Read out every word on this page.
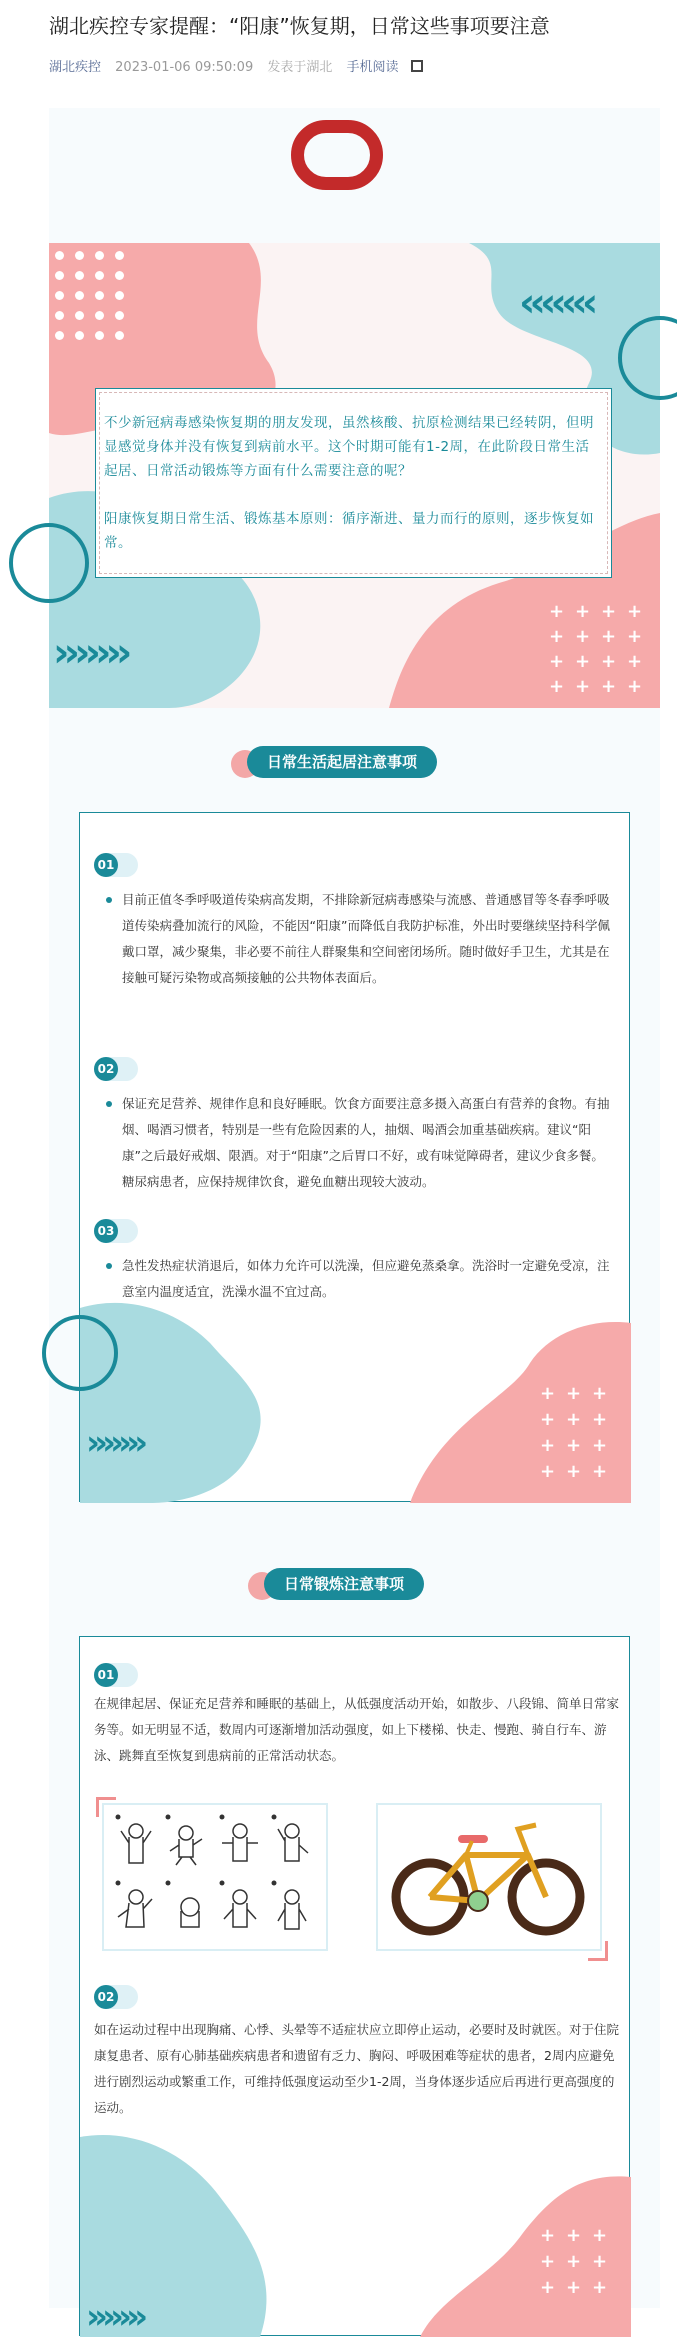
湖北疾控专家提醒：“阳康”恢复期，日常这些事项要注意
湖北疾控 2023-01-06 09:50:09 发表于湖北 手机阅读
‹‹‹‹‹‹‹
›››››››
+ + + +
+ + + +
+ + + +
+ + + +

不少新冠病毒感染恢复期的朋友发现，虽然核酸、抗原检测结果已经转阴，但明显感觉身体并没有恢复到病前水平。这个时期可能有1-2周，在此阶段日常生活起居、日常活动锻炼等方面有什么需要注意的呢？

阳康恢复期日常生活、锻炼基本原则：循序渐进、量力而行的原则，逐步恢复如常。

日常生活起居注意事项
›››››››
+ + +
+ + +
+ + +
+ + +
01
目前正值冬季呼吸道传染病高发期，不排除新冠病毒感染与流感、普通感冒等冬春季呼吸道传染病叠加流行的风险，不能因“阳康”而降低自我防护标准，外出时要继续坚持科学佩戴口罩，减少聚集，非必要不前往人群聚集和空间密闭场所。随时做好手卫生，尤其是在接触可疑污染物或高频接触的公共物体表面后。
02
保证充足营养、规律作息和良好睡眠。饮食方面要注意多摄入高蛋白有营养的食物。有抽烟、喝酒习惯者，特别是一些有危险因素的人，抽烟、喝酒会加重基础疾病。建议“阳康”之后最好戒烟、限酒。对于“阳康”之后胃口不好，或有味觉障碍者，建议少食多餐。糖尿病患者，应保持规律饮食，避免血糖出现较大波动。
03
急性发热症状消退后，如体力允许可以洗澡，但应避免蒸桑拿。洗浴时一定避免受凉，注意室内温度适宜，洗澡水温不宜过高。
日常锻炼注意事项
›››››››
+ + +
+ + +
+ + +
01
在规律起居、保证充足营养和睡眠的基础上，从低强度活动开始，如散步、八段锦、简单日常家务等。如无明显不适，数周内可逐渐增加活动强度，如上下楼梯、快走、慢跑、骑自行车、游泳、跳舞直至恢复到患病前的正常活动状态。
02
如在运动过程中出现胸痛、心悸、头晕等不适症状应立即停止运动，必要时及时就医。对于住院康复患者、原有心肺基础疾病患者和遗留有乏力、胸闷、呼吸困难等症状的患者，2周内应避免进行剧烈运动或繁重工作，可维持低强度运动至少1-2周，当身体逐步适应后再进行更高强度的运动。
